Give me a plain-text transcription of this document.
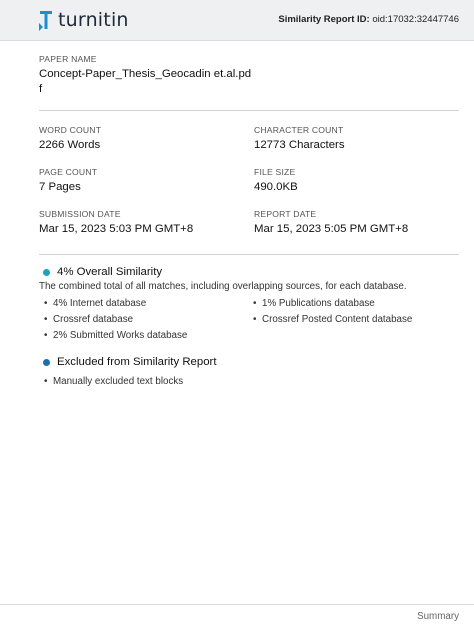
turnitin	Similarity Report ID: oid:17032:32447746
PAPER NAME
Concept-Paper_Thesis_Geocadin et.al.pd
f
WORD COUNT
2266 Words
CHARACTER COUNT
12773 Characters
PAGE COUNT
7 Pages
FILE SIZE
490.0KB
SUBMISSION DATE
Mar 15, 2023 5:03 PM GMT+8
REPORT DATE
Mar 15, 2023 5:05 PM GMT+8
4% Overall Similarity
The combined total of all matches, including overlapping sources, for each database.
• 4% Internet database	• 1% Publications database
• Crossref database	• Crossref Posted Content database
• 2% Submitted Works database
Excluded from Similarity Report
• Manually excluded text blocks
Summary
